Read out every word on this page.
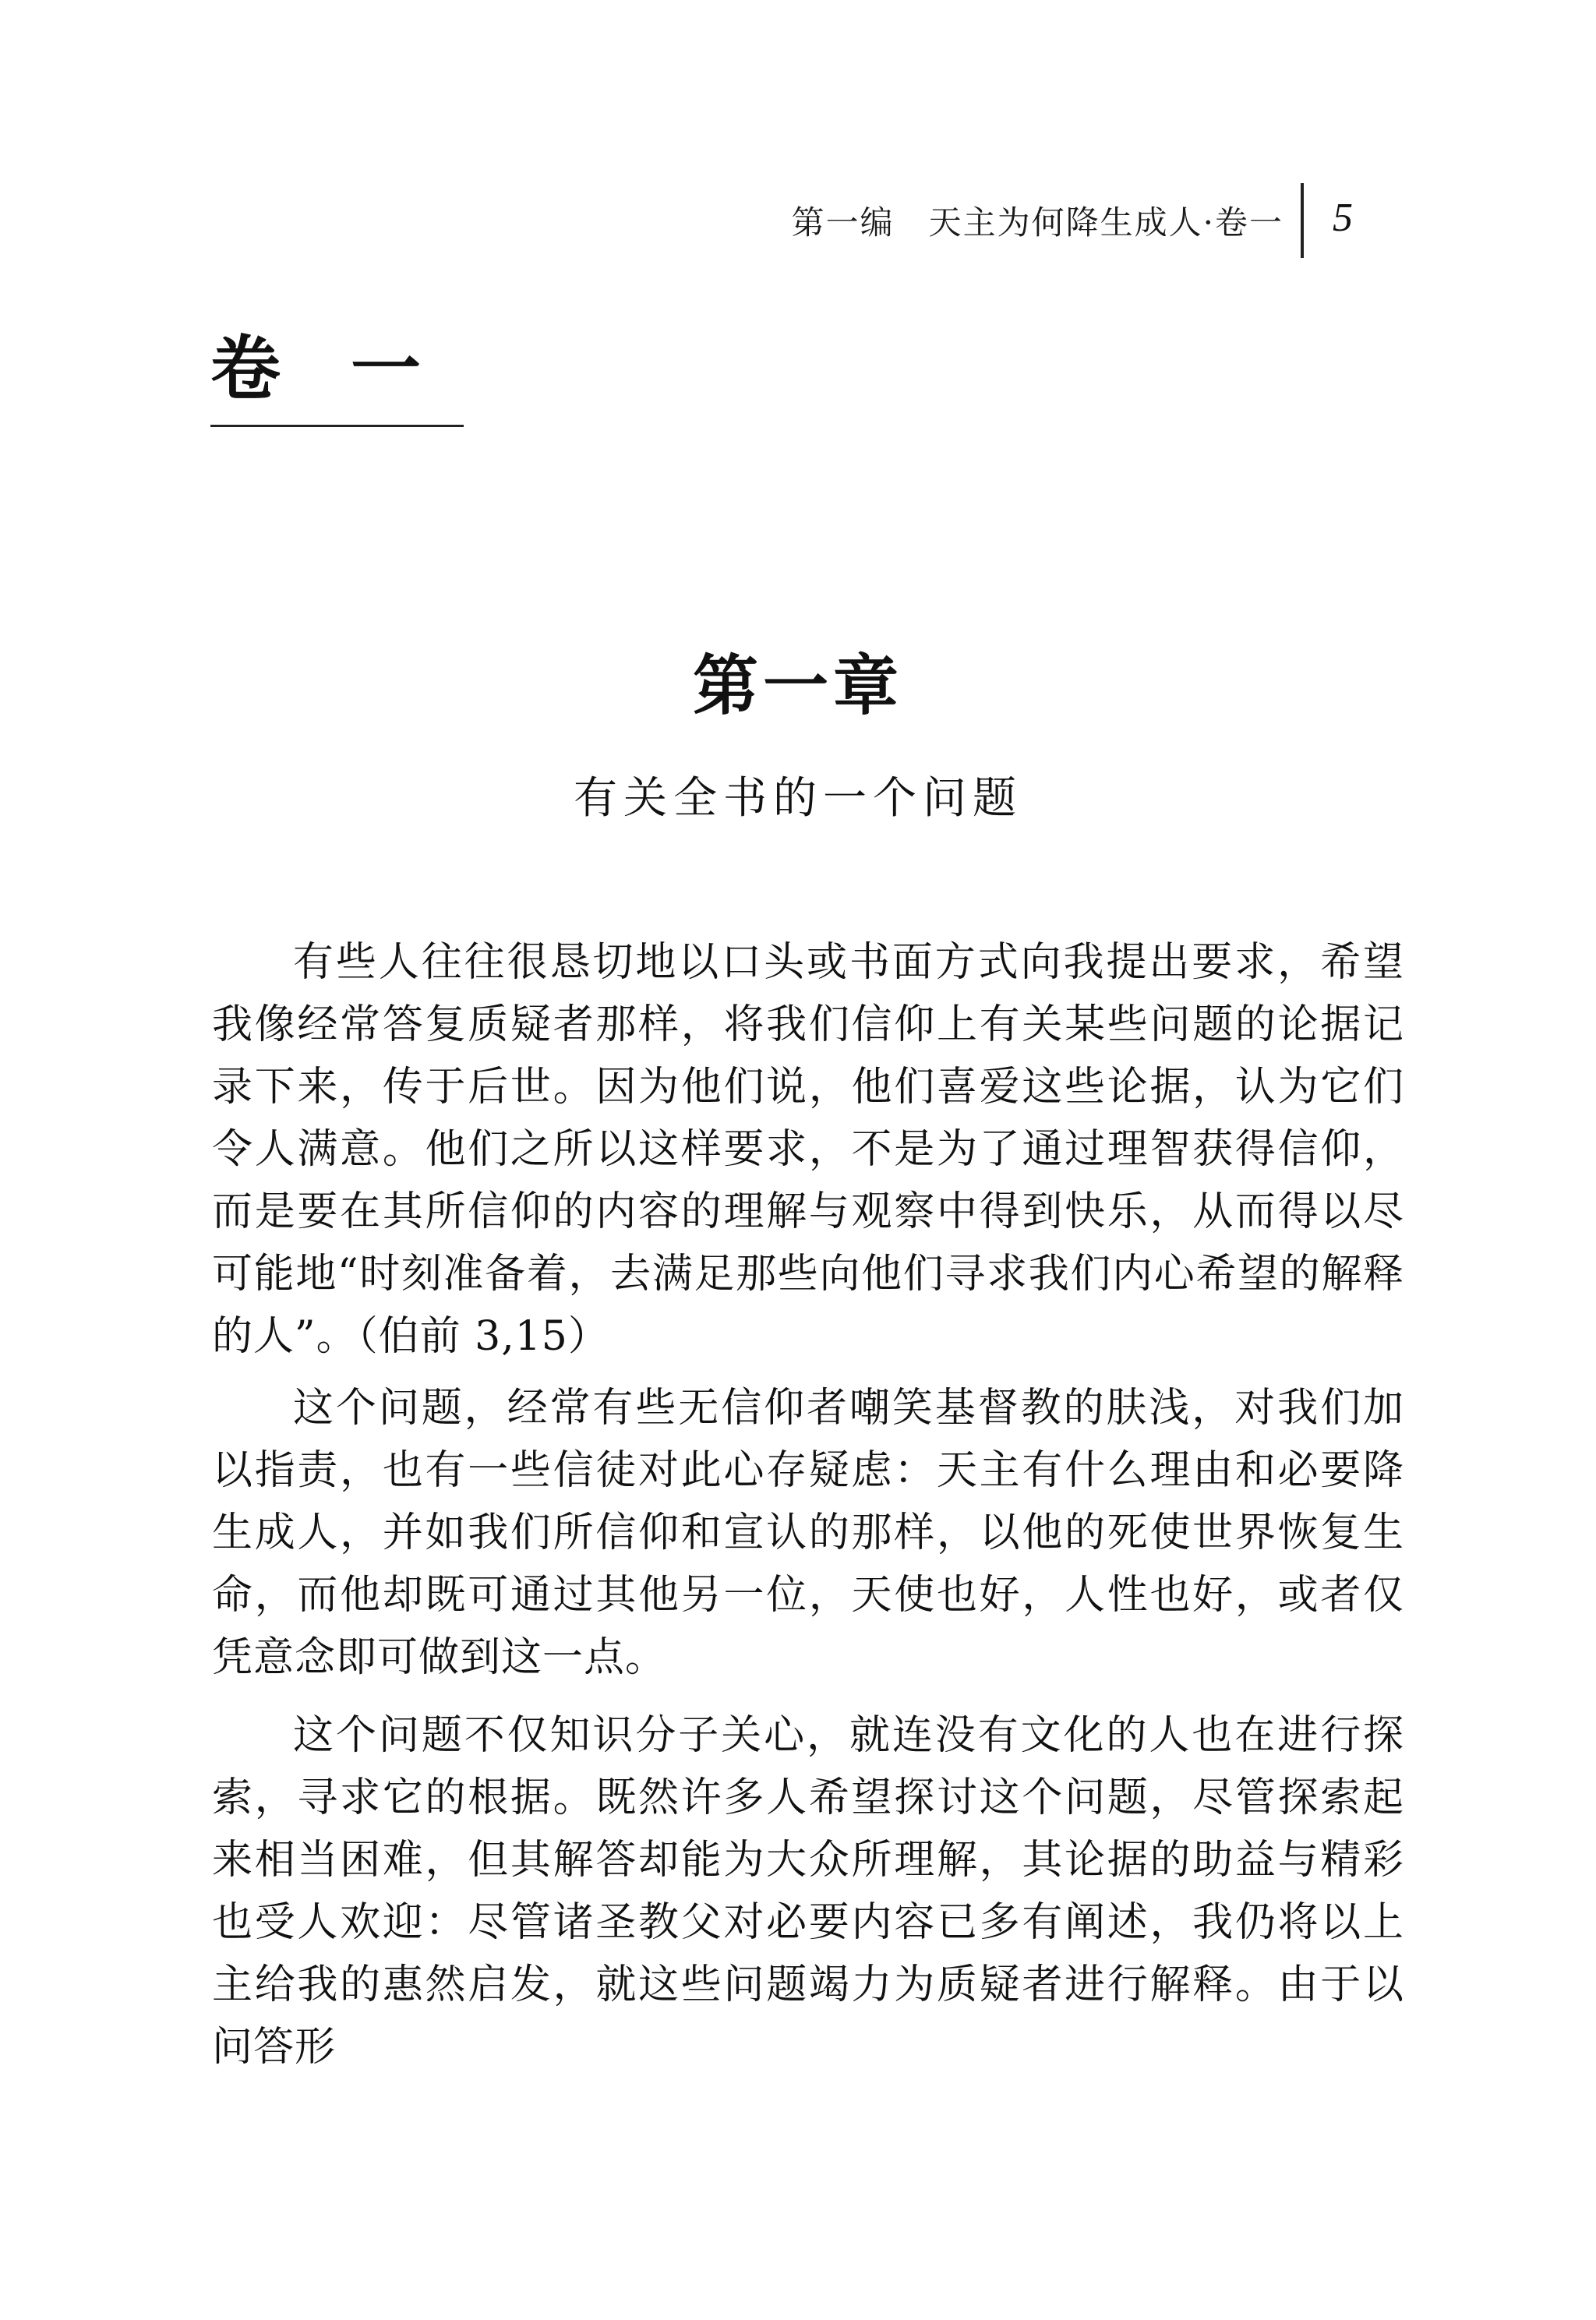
第一编　天主为何降生成人·卷一	5
卷　一
第一章
有关全书的一个问题

有些人往往很恳切地以口头或书面方式向我提出要求，希望我像经常答复质疑者那样，将我们信仰上有关某些问题的论据记录下来，传于后世。因为他们说，他们喜爱这些论据，认为它们令人满意。他们之所以这样要求，不是为了通过理智获得信仰，而是要在其所信仰的内容的理解与观察中得到快乐，从而得以尽可能地“时刻准备着，去满足那些向他们寻求我们内心希望的解释的人”。（伯前 3,15）

这个问题，经常有些无信仰者嘲笑基督教的肤浅，对我们加以指责，也有一些信徒对此心存疑虑：天主有什么理由和必要降生成人，并如我们所信仰和宣认的那样，以他的死使世界恢复生命，而他却既可通过其他另一位，天使也好，人性也好，或者仅凭意念即可做到这一点。

这个问题不仅知识分子关心，就连没有文化的人也在进行探索，寻求它的根据。既然许多人希望探讨这个问题，尽管探索起来相当困难，但其解答却能为大众所理解，其论据的助益与精彩也受人欢迎：尽管诸圣教父对必要内容已多有阐述，我仍将以上主给我的惠然启发，就这些问题竭力为质疑者进行解释。由于以问答形
